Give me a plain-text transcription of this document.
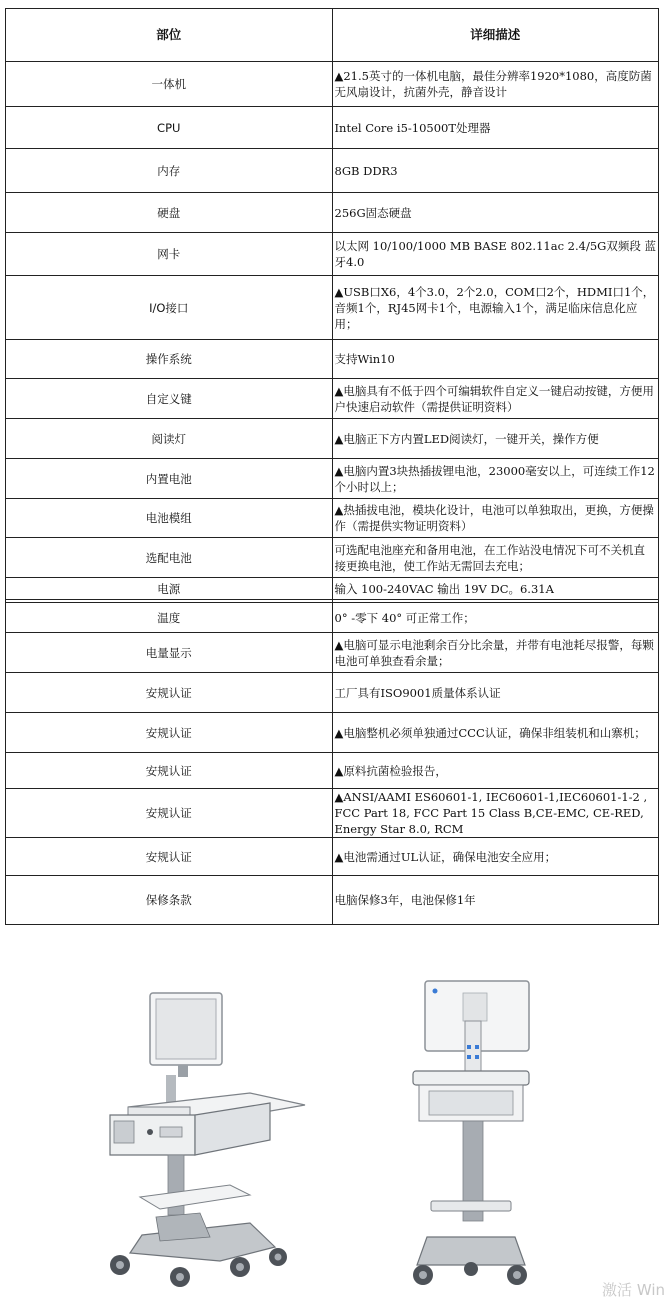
部位	详细描述
一体机	▲21.5英寸的一体机电脑，最佳分辨率1920*1080，高度防菌无风扇设计，抗菌外壳，静音设计
CPU	Intel Core i5-10500T处理器
内存	8GB DDR3
硬盘	256G固态硬盘
网卡	以太网 10/100/1000 MB BASE 802.11ac 2.4/5G双频段 蓝牙4.0
I/O接口	▲USB口X6，4个3.0，2个2.0，COM口2个，HDMI口1个，音频1个，RJ45网卡1个，电源输入1个，满足临床信息化应用；
操作系统	支持Win10
自定义键	▲电脑具有不低于四个可编辑软件自定义一键启动按键，方便用户快速启动软件（需提供证明资料）
阅读灯	▲电脑正下方内置LED阅读灯，一键开关，操作方便
内置电池	▲电脑内置3块热插拔锂电池，23000毫安以上，可连续工作12个小时以上；
电池模组	▲热插拔电池，模块化设计，电池可以单独取出，更换，方便操作（需提供实物证明资料）
选配电池	可选配电池座充和备用电池，在工作站没电情况下可不关机直接更换电池，使工作站无需回去充电；
电源	输入 100-240VAC 输出 19V DC。6.31A

温度	0° -零下 40° 可正常工作；
电量显示	▲电脑可显示电池剩余百分比余量，并带有电池耗尽报警，每颗电池可单独查看余量；
安规认证	工厂具有ISO9001质量体系认证
安规认证	▲电脑整机必须单独通过CCC认证，确保非组装机和山寨机；
安规认证	▲原料抗菌检验报告，
安规认证	▲ANSI/AAMI ES60601-1, IEC60601-1,IEC60601-1-2 , FCC Part 18, FCC Part 15 Class B,CE-EMC, CE-RED, Energy Star 8.0, RCM
安规认证	▲电池需通过UL认证，确保电池安全应用；
保修条款	电脑保修3年，电池保修1年
激活 Win
